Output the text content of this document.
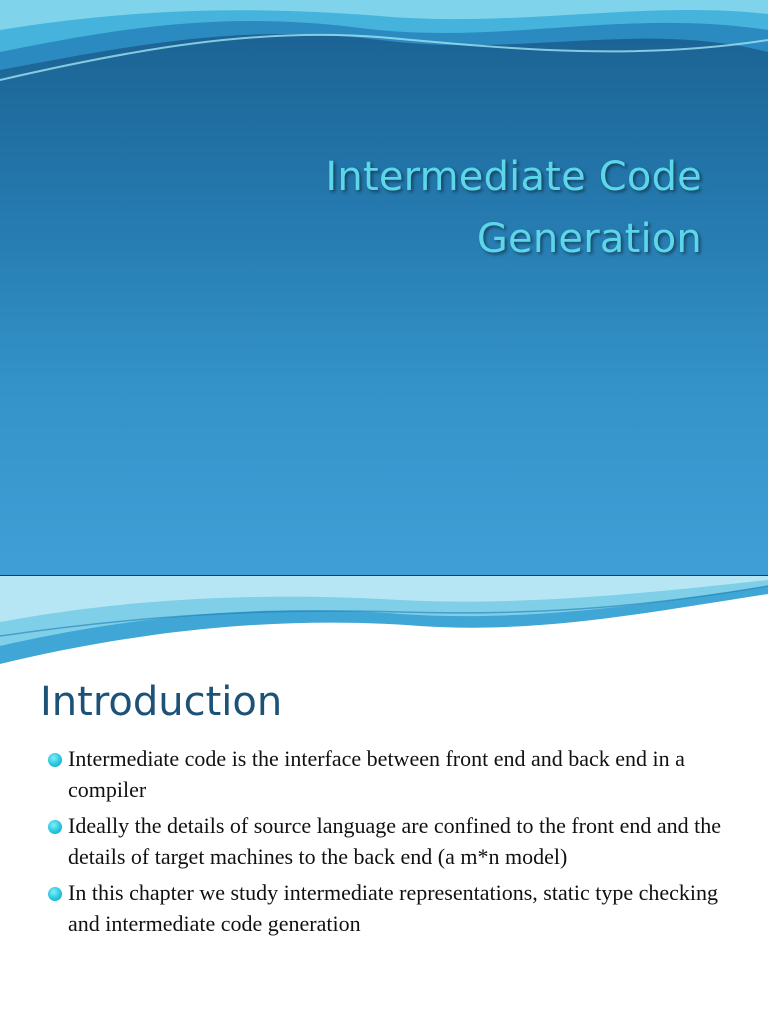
Intermediate Code
Generation
Introduction
Intermediate code is the interface between front end and back end in a compiler
Ideally the details of source language are confined to the front end and the details of target machines to the back end (a m*n model)
In this chapter we study intermediate representations, static type checking and intermediate code generation
